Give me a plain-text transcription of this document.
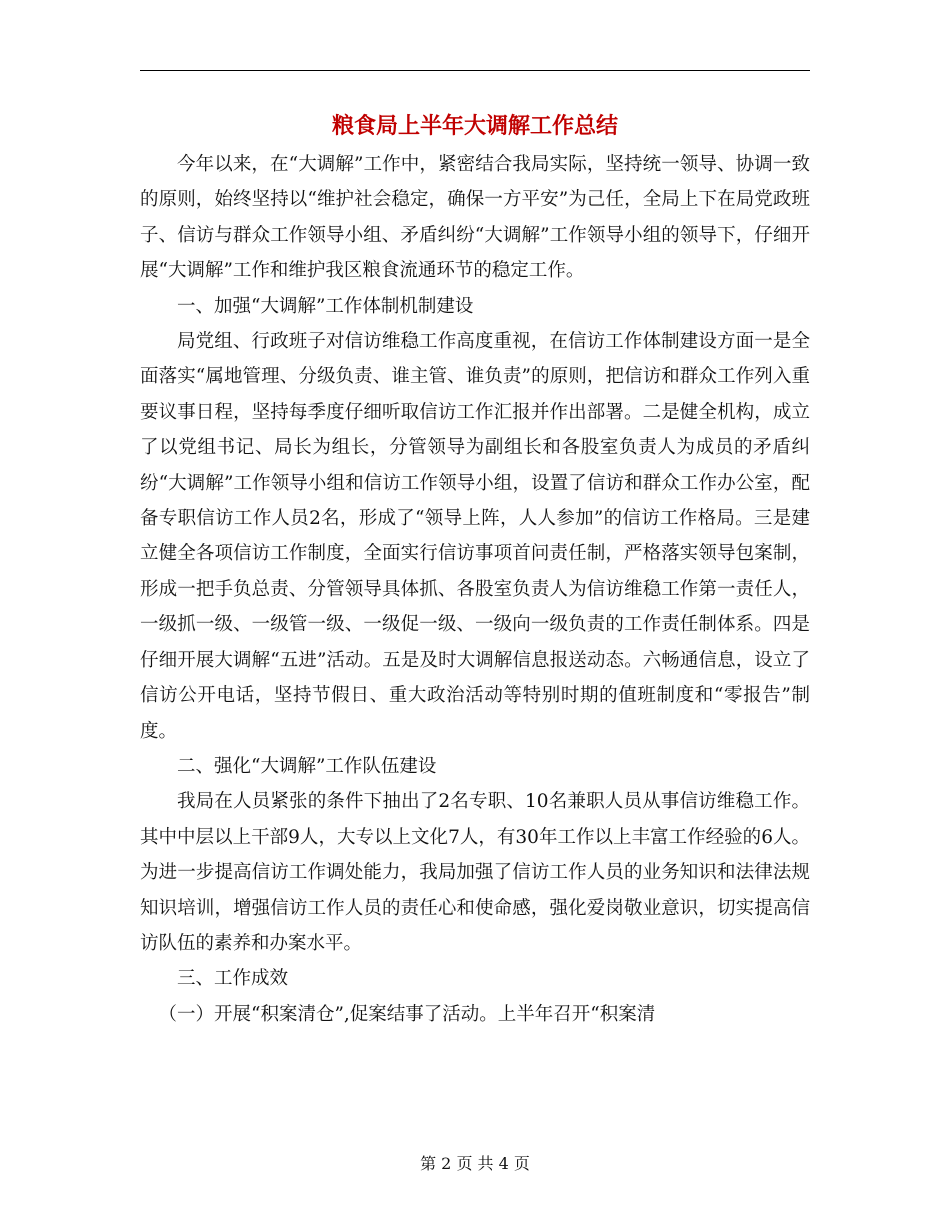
粮食局上半年大调解工作总结

今年以来，在“大调解”工作中，紧密结合我局实际，坚持统一领导、协调一致的原则，始终坚持以“维护社会稳定，确保一方平安”为己任，全局上下在局党政班子、信访与群众工作领导小组、矛盾纠纷“大调解”工作领导小组的领导下，仔细开展“大调解”工作和维护我区粮食流通环节的稳定工作。

一、加强“大调解”工作体制机制建设

局党组、行政班子对信访维稳工作高度重视，在信访工作体制建设方面一是全面落实“属地管理、分级负责、谁主管、谁负责”的原则，把信访和群众工作列入重要议事日程，坚持每季度仔细听取信访工作汇报并作出部署。二是健全机构，成立了以党组书记、局长为组长，分管领导为副组长和各股室负责人为成员的矛盾纠纷“大调解”工作领导小组和信访工作领导小组，设置了信访和群众工作办公室，配备专职信访工作人员2名，形成了“领导上阵，人人参加”的信访工作格局。三是建立健全各项信访工作制度，全面实行信访事项首问责任制，严格落实领导包案制，形成一把手负总责、分管领导具体抓、各股室负责人为信访维稳工作第一责任人，一级抓一级、一级管一级、一级促一级、一级向一级负责的工作责任制体系。四是仔细开展大调解“五进”活动。五是及时大调解信息报送动态。六畅通信息，设立了信访公开电话，坚持节假日、重大政治活动等特别时期的值班制度和“零报告”制度。

二、强化“大调解”工作队伍建设

我局在人员紧张的条件下抽出了2名专职、10名兼职人员从事信访维稳工作。其中中层以上干部9人，大专以上文化7人，有30年工作以上丰富工作经验的6人。为进一步提高信访工作调处能力，我局加强了信访工作人员的业务知识和法律法规知识培训，增强信访工作人员的责任心和使命感，强化爱岗敬业意识，切实提高信访队伍的素养和办案水平。

三、工作成效

（一）开展“积案清仓”,促案结事了活动。上半年召开“积案清

第 2 页 共 4 页
